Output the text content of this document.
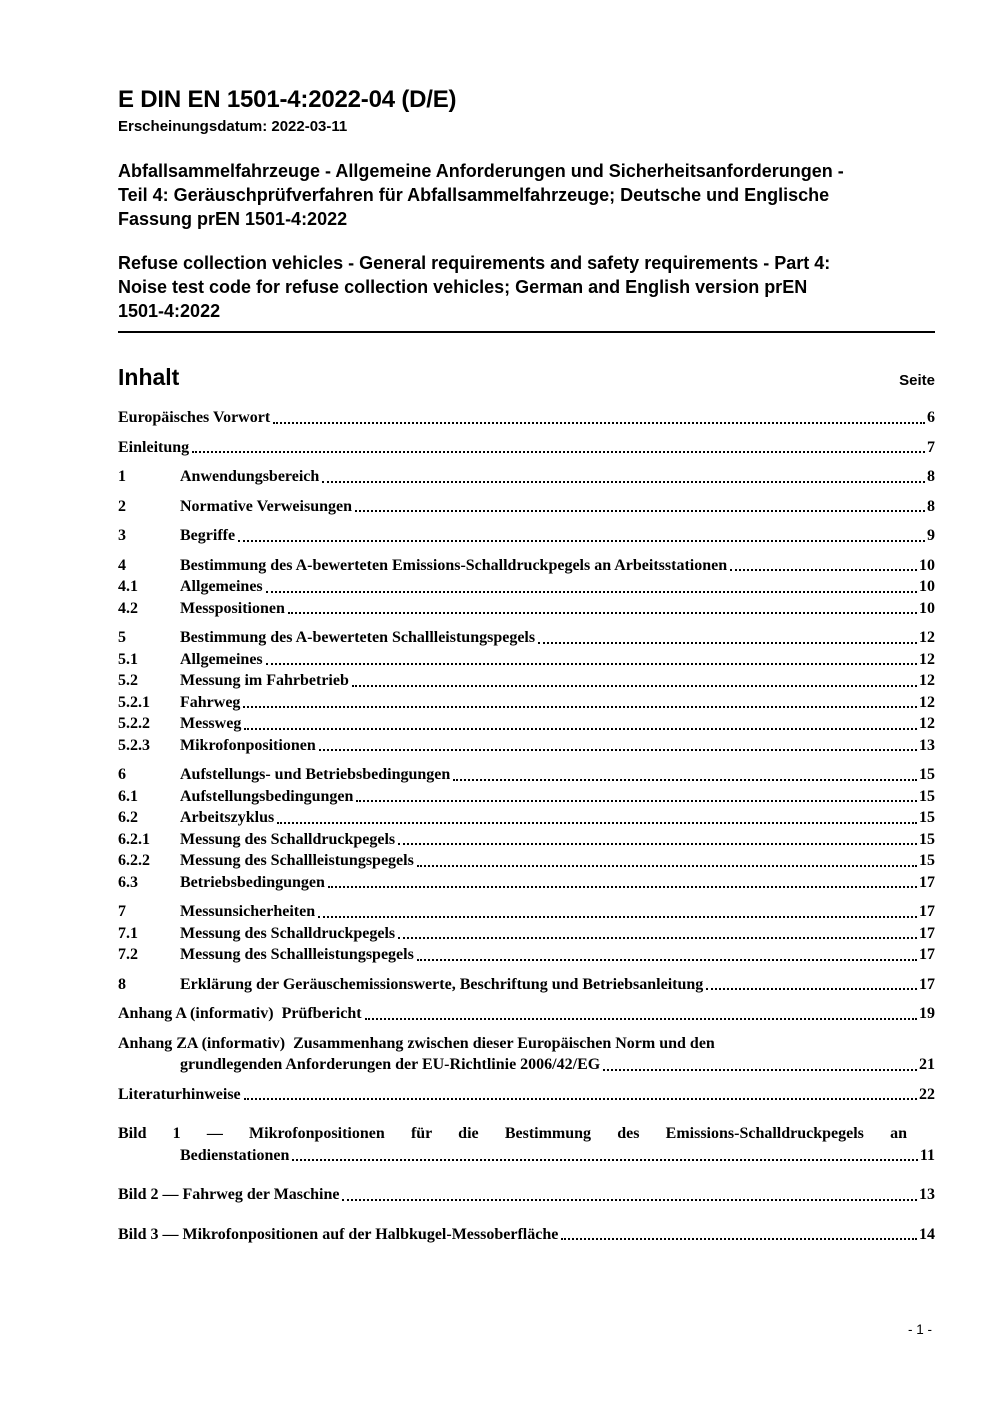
E DIN EN 1501-4:2022-04 (D/E)
Erscheinungsdatum: 2022-03-11
Abfallsammelfahrzeuge - Allgemeine Anforderungen und Sicherheitsanforderungen -
Teil 4: Geräuschprüfverfahren für Abfallsammelfahrzeuge; Deutsche und Englische
Fassung prEN 1501-4:2022
Refuse collection vehicles - General requirements and safety requirements - Part 4:
Noise test code for refuse collection vehicles; German and English version prEN
1501-4:2022
Inhalt	Seite
Europäisches Vorwort	6
Einleitung	7
1	Anwendungsbereich	8
2	Normative Verweisungen	8
3	Begriffe	9
4	Bestimmung des A-bewerteten Emissions-Schalldruckpegels an Arbeitsstationen	10
4.1	Allgemeines	10
4.2	Messpositionen	10
5	Bestimmung des A-bewerteten Schallleistungspegels	12
5.1	Allgemeines	12
5.2	Messung im Fahrbetrieb	12
5.2.1	Fahrweg	12
5.2.2	Messweg	12
5.2.3	Mikrofonpositionen	13
6	Aufstellungs- und Betriebsbedingungen	15
6.1	Aufstellungsbedingungen	15
6.2	Arbeitszyklus	15
6.2.1	Messung des Schalldruckpegels	15
6.2.2	Messung des Schallleistungspegels	15
6.3	Betriebsbedingungen	17
7	Messunsicherheiten	17
7.1	Messung des Schalldruckpegels	17
7.2	Messung des Schallleistungspegels	17
8	Erklärung der Geräuschemissionswerte, Beschriftung und Betriebsanleitung	17
Anhang A (informativ) Prüfbericht	19
Anhang ZA (informativ) Zusammenhang zwischen dieser Europäischen Norm und den
grundlegenden Anforderungen der EU-Richtlinie 2006/42/EG	21
Literaturhinweise	22
Bild 1 — Mikrofonpositionen für die Bestimmung des Emissions-Schalldruckpegels an
Bedienstationen	11
Bild 2 — Fahrweg der Maschine	13
Bild 3 — Mikrofonpositionen auf der Halbkugel-Messoberfläche	14
- 1 -
